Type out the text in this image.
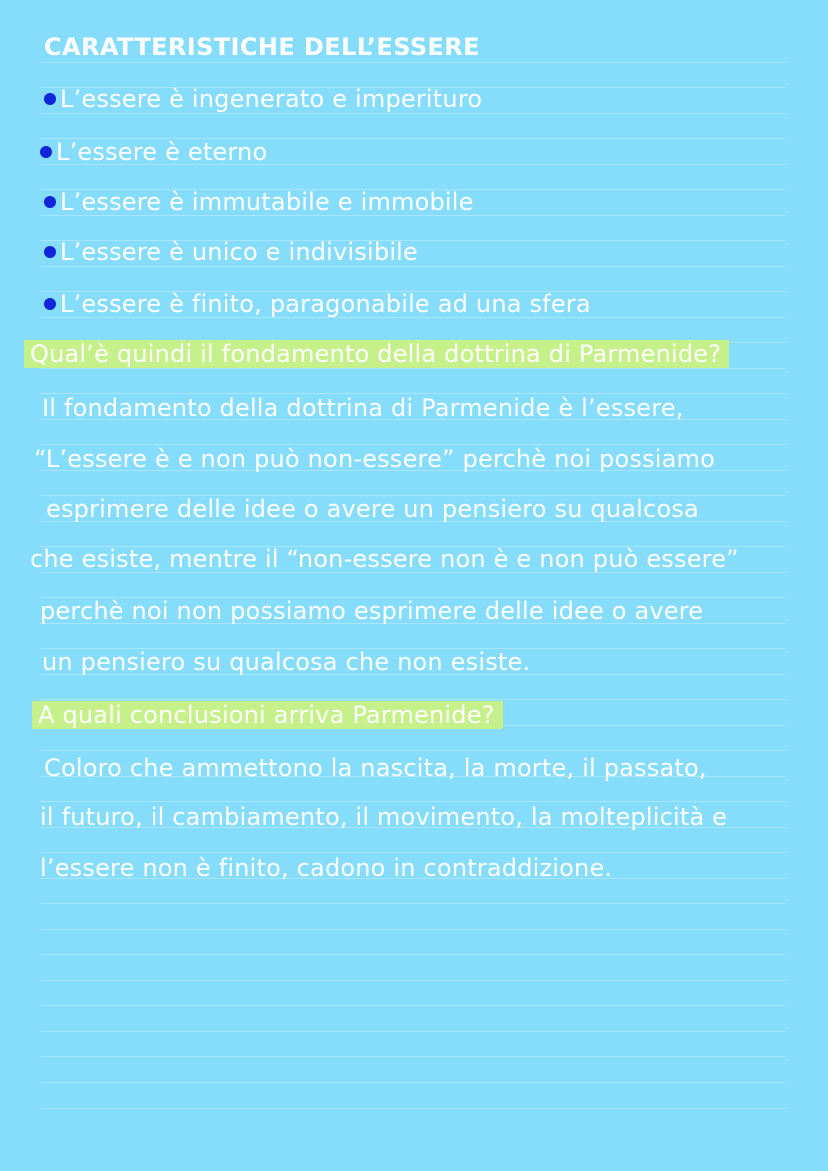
CARATTERISTICHE DELL’ESSERE
L’essere è ingenerato e imperituro
L’essere è eterno
L’essere è immutabile e immobile
L’essere è unico e indivisibile
L’essere è finito, paragonabile ad una sfera
Qual’è quindi il fondamento della dottrina di Parmenide?
Il fondamento della dottrina di Parmenide è l’essere,
“L’essere è e non può non-essere” perchè noi possiamo
esprimere delle idee o avere un pensiero su qualcosa
che esiste, mentre il “non-essere non è e non può essere”
perchè noi non possiamo esprimere delle idee o avere
un pensiero su qualcosa che non esiste.
A quali conclusioni arriva Parmenide?
Coloro che ammettono la nascita, la morte, il passato,
il futuro, il cambiamento, il movimento, la molteplicità e
l’essere non è finito, cadono in contraddizione.
